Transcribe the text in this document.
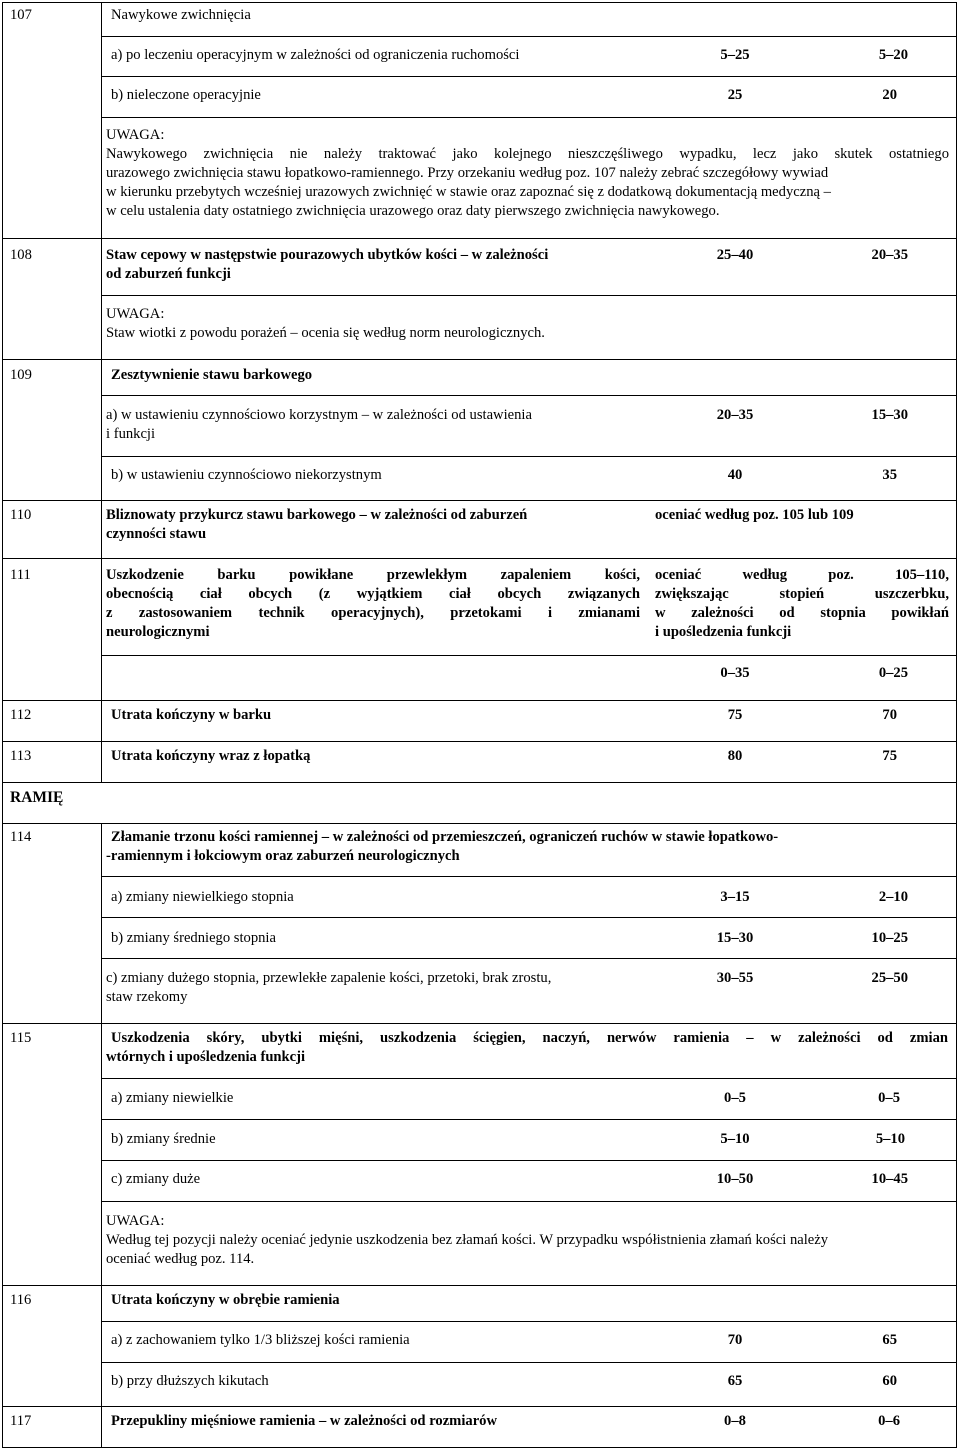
107	Nawykowe zwichnięcia
a) po leczeniu operacyjnym w zależności od ograniczenia ruchomości	5–25	5–20
b) nieleczone operacyjnie	25	20
UWAGA:
Nawykowego zwichnięcia nie należy traktować jako kolejnego nieszczęśliwego wypadku, lecz jako skutek ostatniego
urazowego zwichnięcia stawu łopatkowo-ramiennego. Przy orzekaniu według poz. 107 należy zebrać szczegółowy wywiad
w kierunku przebytych wcześniej urazowych zwichnięć w stawie oraz zapoznać się z dodatkową dokumentacją medyczną –
w celu ustalenia daty ostatniego zwichnięcia urazowego oraz daty pierwszego zwichnięcia nawykowego.
108	Staw cepowy w następstwie pourazowych ubytków kości – w zależności
od zaburzeń funkcji
25–40	20–35
UWAGA:
Staw wiotki z powodu porażeń – ocenia się według norm neurologicznych.
109	Zesztywnienie stawu barkowego
a) w ustawieniu czynnościowo korzystnym – w zależności od ustawienia
i funkcji
20–35	15–30
b) w ustawieniu czynnościowo niekorzystnym	40	35
110	Bliznowaty przykurcz stawu barkowego – w zależności od zaburzeń
czynności stawu
oceniać według poz. 105 lub 109
111	Uszkodzenie barku powikłane przewlekłym zapaleniem kości,
obecnością ciał obcych (z wyjątkiem ciał obcych związanych
z zastosowaniem technik operacyjnych), przetokami i zmianami
neurologicznymi
oceniać według poz. 105–110,
zwiększając stopień uszczerbku,
w zależności od stopnia powikłań
i upośledzenia funkcji
0–35	0–25
112	Utrata kończyny w barku	75	70
113	Utrata kończyny wraz z łopatką	80	75
RAMIĘ
114	Złamanie trzonu kości ramiennej – w zależności od przemieszczeń, ograniczeń ruchów w stawie łopatkowo-
-ramiennym i łokciowym oraz zaburzeń neurologicznych
a) zmiany niewielkiego stopnia	3–15	2–10
b) zmiany średniego stopnia	15–30	10–25
c) zmiany dużego stopnia, przewlekłe zapalenie kości, przetoki, brak zrostu,
staw rzekomy
30–55	25–50
115	Uszkodzenia skóry, ubytki mięśni, uszkodzenia ścięgien, naczyń, nerwów ramienia – w zależności od zmian
wtórnych i upośledzenia funkcji
a) zmiany niewielkie	0–5	0–5
b) zmiany średnie	5–10	5–10
c) zmiany duże	10–50	10–45
UWAGA:
Według tej pozycji należy oceniać jedynie uszkodzenia bez złamań kości. W przypadku współistnienia złamań kości należy
oceniać według poz. 114.
116	Utrata kończyny w obrębie ramienia
a) z zachowaniem tylko 1/3 bliższej kości ramienia	70	65
b) przy dłuższych kikutach	65	60
117	Przepukliny mięśniowe ramienia – w zależności od rozmiarów	0–8	0–6
